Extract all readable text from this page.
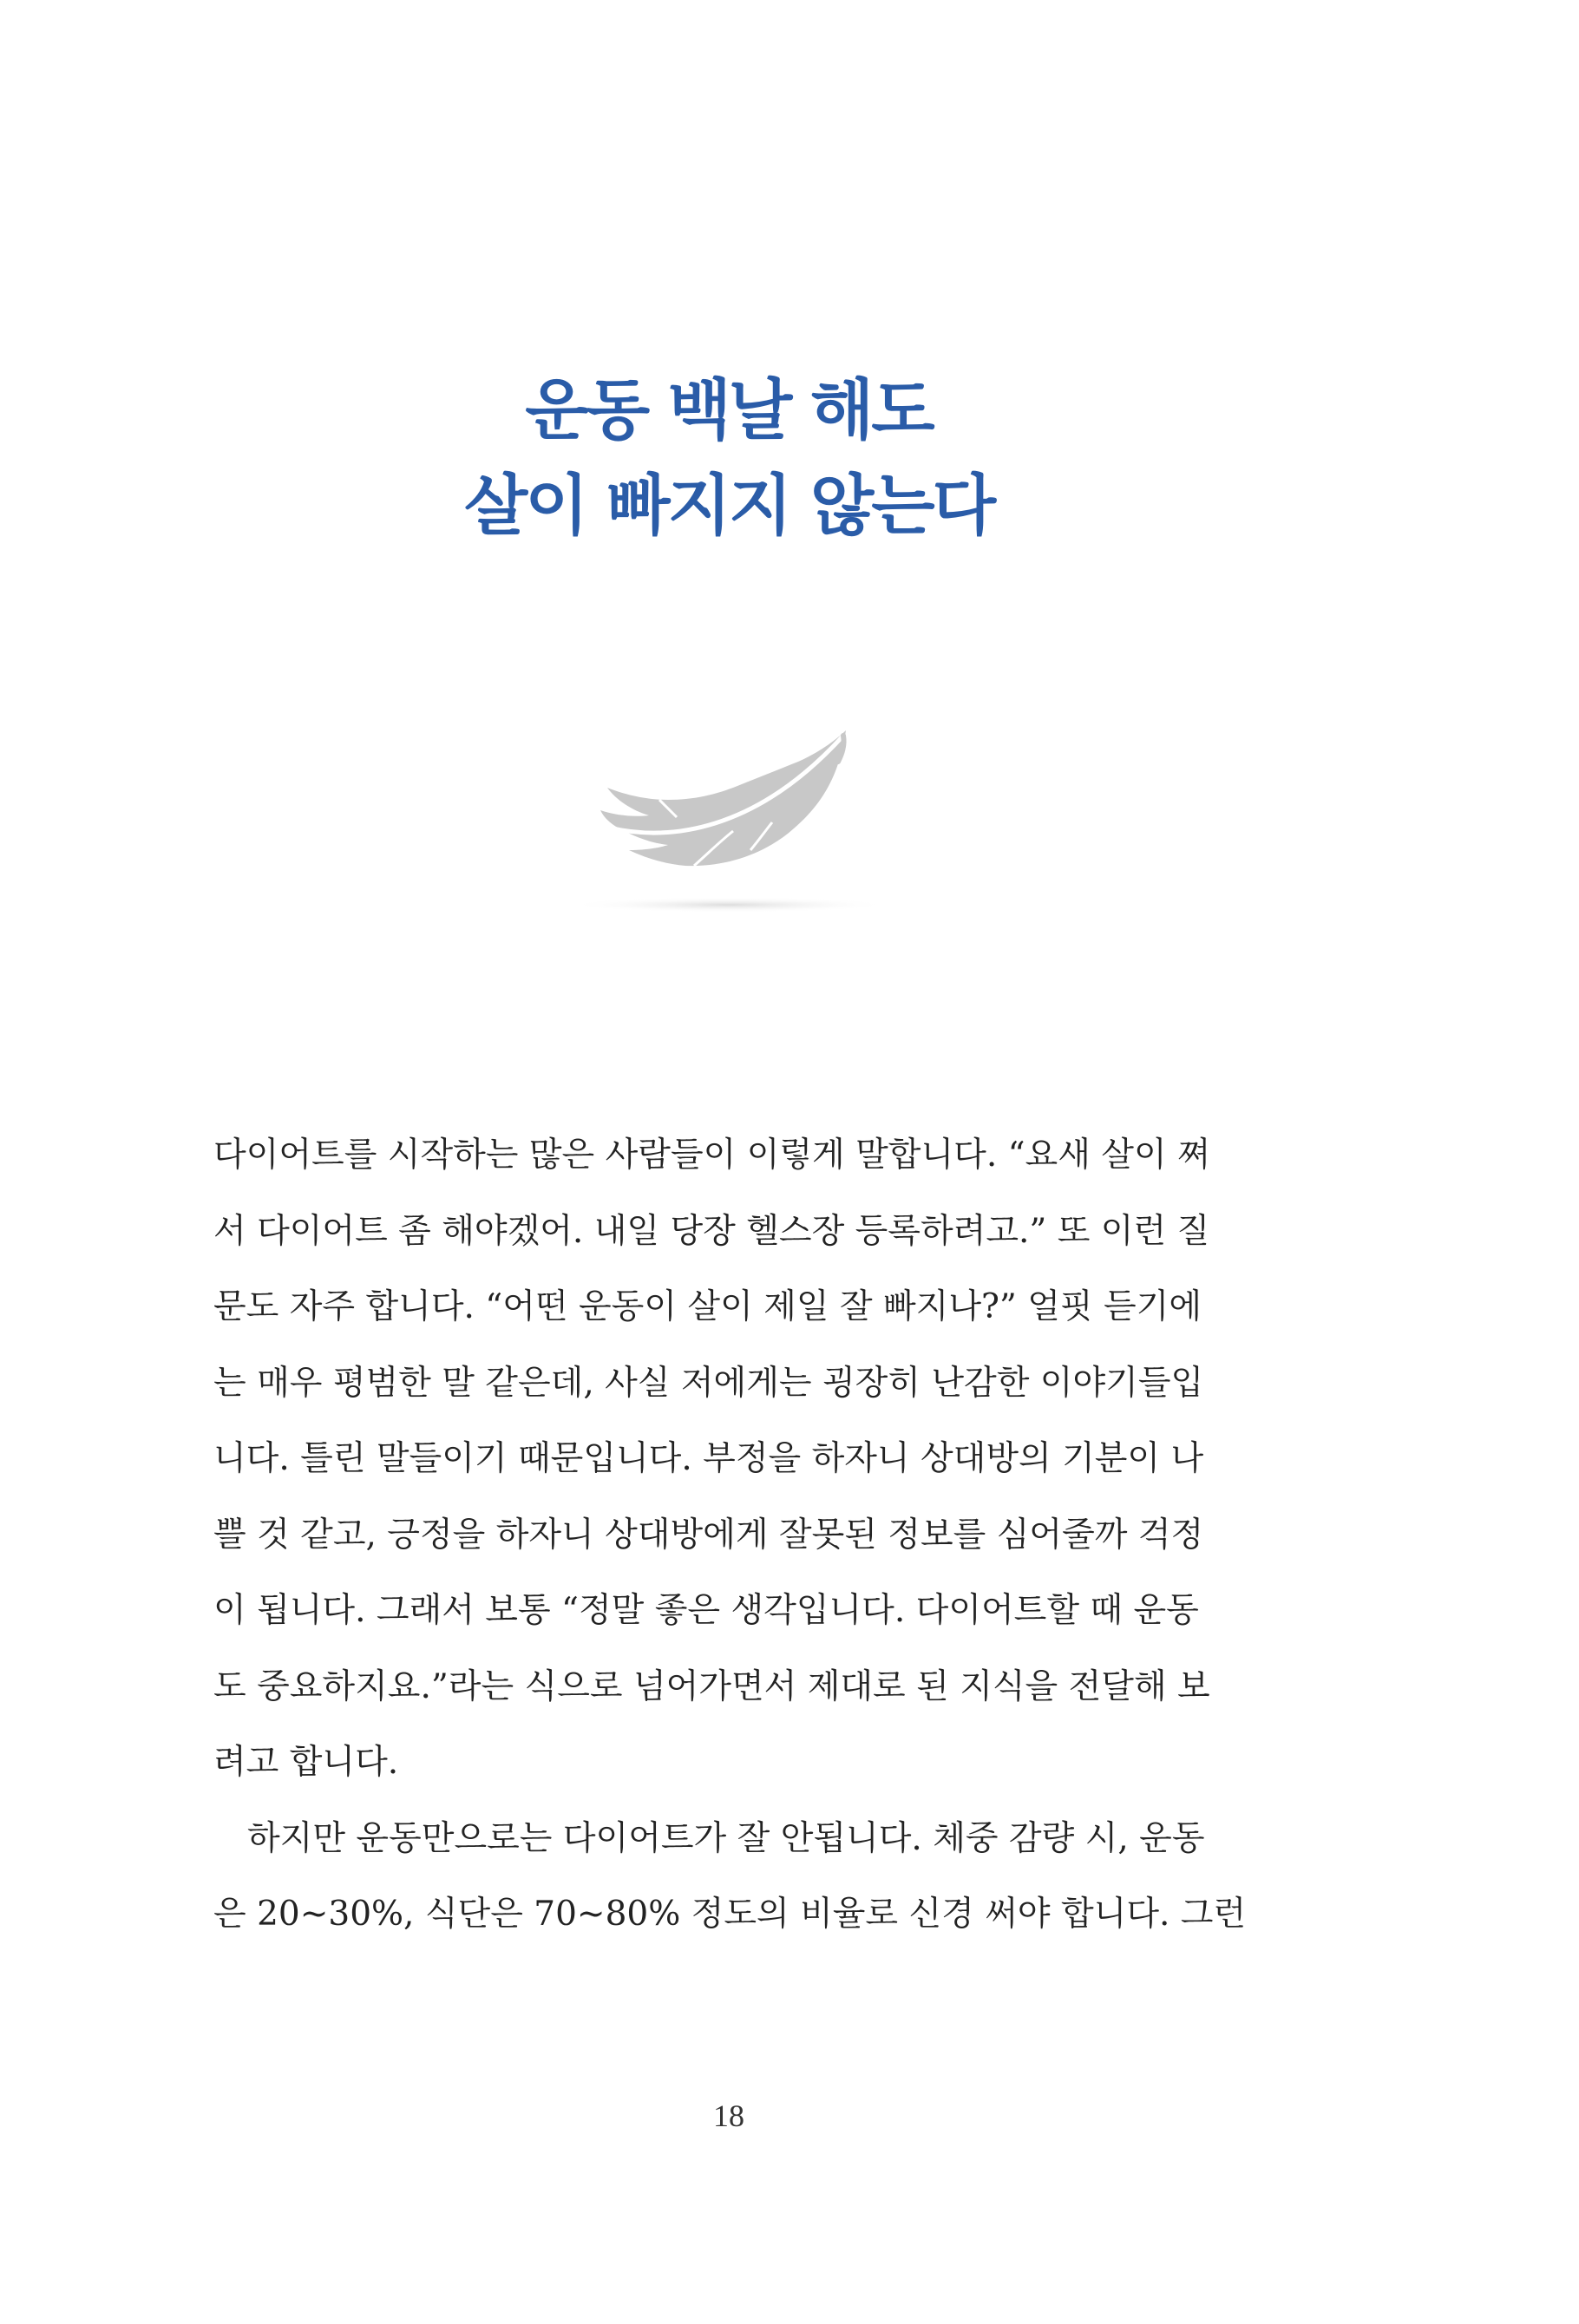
운동 백날 해도
살이 빠지지 않는다
다이어트를 시작하는 많은 사람들이 이렇게 말합니다. “요새 살이 쪄
서 다이어트 좀 해야겠어. 내일 당장 헬스장 등록하려고.” 또 이런 질
문도 자주 합니다. “어떤 운동이 살이 제일 잘 빠지나?” 얼핏 듣기에
는 매우 평범한 말 같은데, 사실 저에게는 굉장히 난감한 이야기들입
니다. 틀린 말들이기 때문입니다. 부정을 하자니 상대방의 기분이 나
쁠 것 같고, 긍정을 하자니 상대방에게 잘못된 정보를 심어줄까 걱정
이 됩니다. 그래서 보통 “정말 좋은 생각입니다. 다이어트할 때 운동
도 중요하지요.”라는 식으로 넘어가면서 제대로 된 지식을 전달해 보
려고 합니다.
　하지만 운동만으로는 다이어트가 잘 안됩니다. 체중 감량 시, 운동
은 20~30%, 식단은 70~80% 정도의 비율로 신경 써야 합니다. 그런
18
